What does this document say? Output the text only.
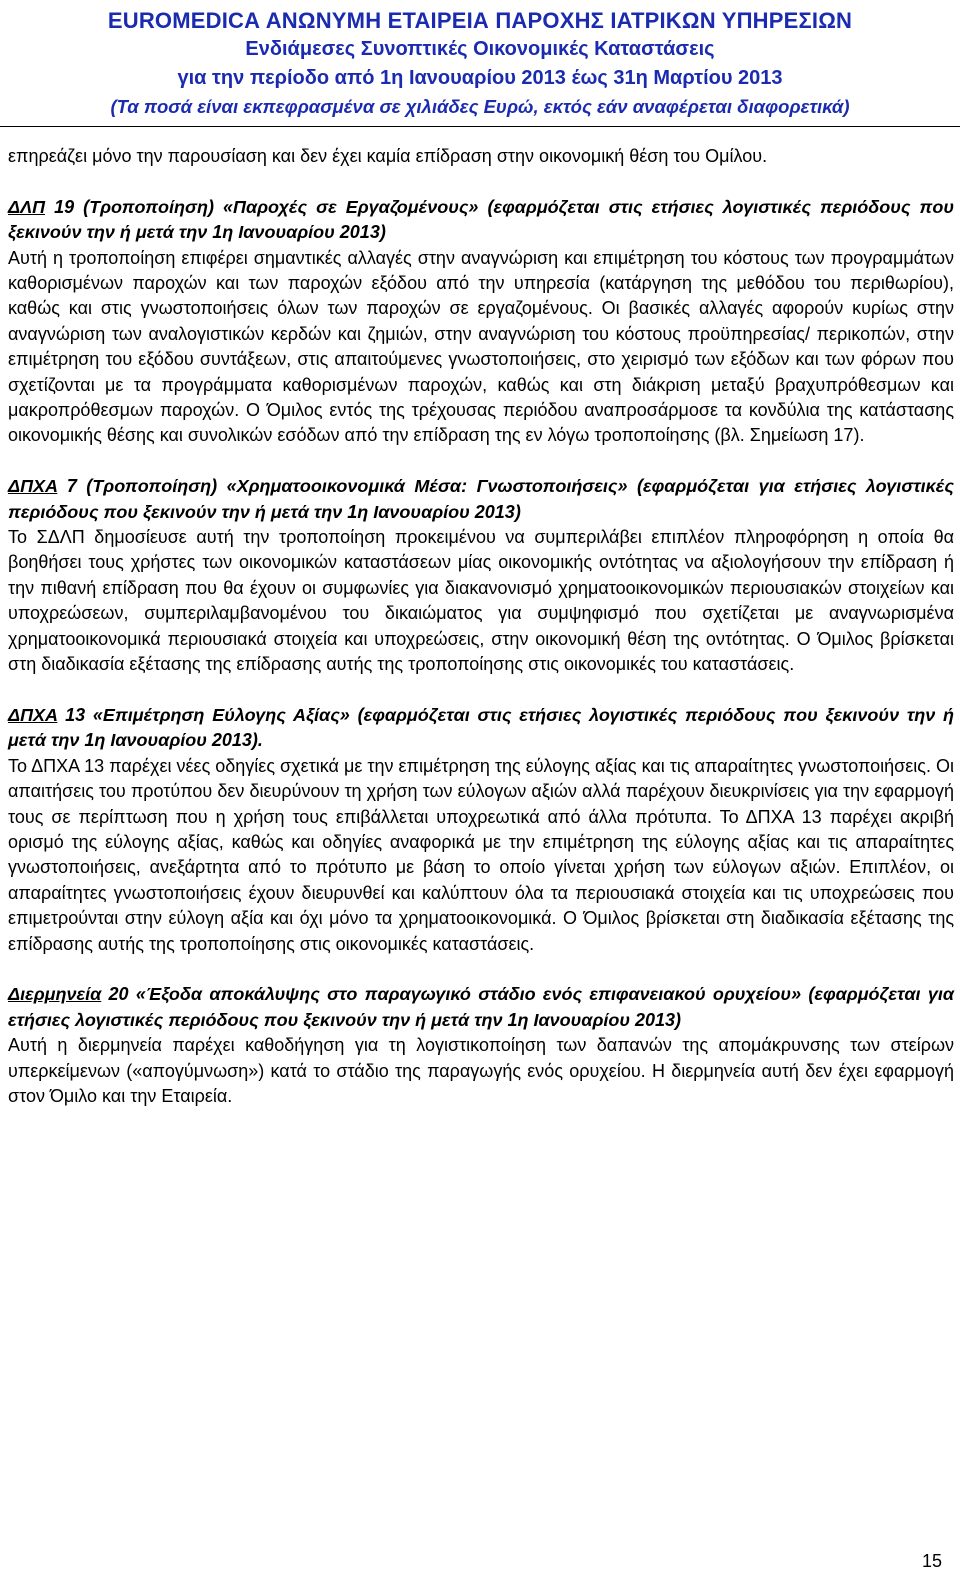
EUROMEDICA ΑΝΩΝΥΜΗ ΕΤΑΙΡΕΙΑ ΠΑΡΟΧΗΣ ΙΑΤΡΙΚΩΝ ΥΠΗΡΕΣΙΩΝ
Ενδιάμεσες Συνοπτικές Οικονομικές Καταστάσεις
για την περίοδο από 1η Ιανουαρίου 2013 έως 31η Μαρτίου 2013
(Τα ποσά είναι εκπεφρασμένα σε χιλιάδες Ευρώ, εκτός εάν αναφέρεται διαφορετικά)

επηρεάζει μόνο την παρουσίαση και δεν έχει καμία επίδραση στην οικονομική θέση του Ομίλου.

ΔΛΠ 19 (Τροποποίηση) «Παροχές σε Εργαζομένους» (εφαρμόζεται στις ετήσιες λογιστικές περιόδους που ξεκινούν την ή μετά την 1η Ιανουαρίου 2013)

Αυτή η τροποποίηση επιφέρει σημαντικές αλλαγές στην αναγνώριση και επιμέτρηση του κόστους των προγραμμάτων καθορισμένων παροχών και των παροχών εξόδου από την υπηρεσία (κατάργηση της μεθόδου του περιθωρίου), καθώς και στις γνωστοποιήσεις όλων των παροχών σε εργαζομένους. Οι βασικές αλλαγές αφορούν κυρίως στην αναγνώριση των αναλογιστικών κερδών και ζημιών, στην αναγνώριση του κόστους προϋπηρεσίας/ περικοπών, στην επιμέτρηση του εξόδου συντάξεων, στις απαιτούμενες γνωστοποιήσεις, στο χειρισμό των εξόδων και των φόρων που σχετίζονται με τα προγράμματα καθορισμένων παροχών, καθώς και στη διάκριση μεταξύ βραχυπρόθεσμων και μακροπρόθεσμων παροχών. Ο Όμιλος εντός της τρέχουσας περιόδου αναπροσάρμοσε τα κονδύλια της κατάστασης οικονομικής θέσης και συνολικών εσόδων από την επίδραση της εν λόγω τροποποίησης (βλ. Σημείωση 17).

ΔΠΧΑ 7 (Τροποποίηση) «Χρηματοοικονομικά Μέσα: Γνωστοποιήσεις» (εφαρμόζεται για ετήσιες λογιστικές περιόδους που ξεκινούν την ή μετά την 1η Ιανουαρίου 2013)

Το ΣΔΛΠ δημοσίευσε αυτή την τροποποίηση προκειμένου να συμπεριλάβει επιπλέον πληροφόρηση η οποία θα βοηθήσει τους χρήστες των οικονομικών καταστάσεων μίας οικονομικής οντότητας να αξιολογήσουν την επίδραση ή την πιθανή επίδραση που θα έχουν οι συμφωνίες για διακανονισμό χρηματοοικονομικών περιουσιακών στοιχείων και υποχρεώσεων, συμπεριλαμβανομένου του δικαιώματος για συμψηφισμό που σχετίζεται με αναγνωρισμένα χρηματοοικονομικά περιουσιακά στοιχεία και υποχρεώσεις, στην οικονομική θέση της οντότητας. Ο Όμιλος βρίσκεται στη διαδικασία εξέτασης της επίδρασης αυτής της τροποποίησης στις οικονομικές του καταστάσεις.

ΔΠΧΑ 13 «Επιμέτρηση Εύλογης Αξίας» (εφαρμόζεται στις ετήσιες λογιστικές περιόδους που ξεκινούν την ή μετά την 1η Ιανουαρίου 2013).

Το ΔΠΧΑ 13 παρέχει νέες οδηγίες σχετικά με την επιμέτρηση της εύλογης αξίας και τις απαραίτητες γνωστοποιήσεις. Οι απαιτήσεις του προτύπου δεν διευρύνουν τη χρήση των εύλογων αξιών αλλά παρέχουν διευκρινίσεις για την εφαρμογή τους σε περίπτωση που η χρήση τους επιβάλλεται υποχρεωτικά από άλλα πρότυπα. Το ΔΠΧΑ 13 παρέχει ακριβή ορισμό της εύλογης αξίας, καθώς και οδηγίες αναφορικά με την επιμέτρηση της εύλογης αξίας και τις απαραίτητες γνωστοποιήσεις, ανεξάρτητα από το πρότυπο με βάση το οποίο γίνεται χρήση των εύλογων αξιών. Επιπλέον, οι απαραίτητες γνωστοποιήσεις έχουν διευρυνθεί και καλύπτουν όλα τα περιουσιακά στοιχεία και τις υποχρεώσεις που επιμετρούνται στην εύλογη αξία και όχι μόνο τα χρηματοοικονομικά. Ο Όμιλος βρίσκεται στη διαδικασία εξέτασης της επίδρασης αυτής της τροποποίησης στις οικονομικές καταστάσεις.

Διερμηνεία 20 «Έξοδα αποκάλυψης στο παραγωγικό στάδιο ενός επιφανειακού ορυχείου» (εφαρμόζεται για ετήσιες λογιστικές περιόδους που ξεκινούν την ή μετά την 1η Ιανουαρίου 2013)

Αυτή η διερμηνεία παρέχει καθοδήγηση για τη λογιστικοποίηση των δαπανών της απομάκρυνσης των στείρων υπερκείμενων («απογύμνωση») κατά το στάδιο της παραγωγής ενός ορυχείου. Η διερμηνεία αυτή δεν έχει εφαρμογή στον Όμιλο και την Εταιρεία.

15
